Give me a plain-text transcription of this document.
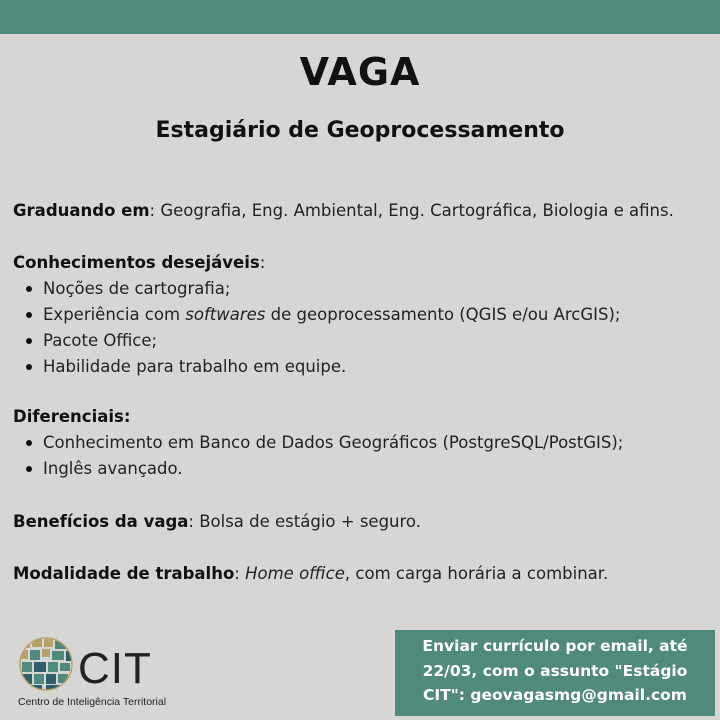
VAGA
Estagiário de Geoprocessamento
Graduando em: Geografia, Eng. Ambiental, Eng. Cartográfica, Biologia e afins.
Conhecimentos desejáveis:
Noções de cartografia;
Experiência com softwares de geoprocessamento (QGIS e/ou ArcGIS);
Pacote Office;
Habilidade para trabalho em equipe.
Diferenciais:
Conhecimento em Banco de Dados Geográficos (PostgreSQL/PostGIS);
Inglês avançado.
Benefícios da vaga: Bolsa de estágio + seguro.
Modalidade de trabalho: Home office, com carga horária a combinar.
CIT
Centro de Inteligência Territorial
Enviar currículo por email, até
22/03, com o assunto "Estágio
CIT": geovagasmg@gmail.com
